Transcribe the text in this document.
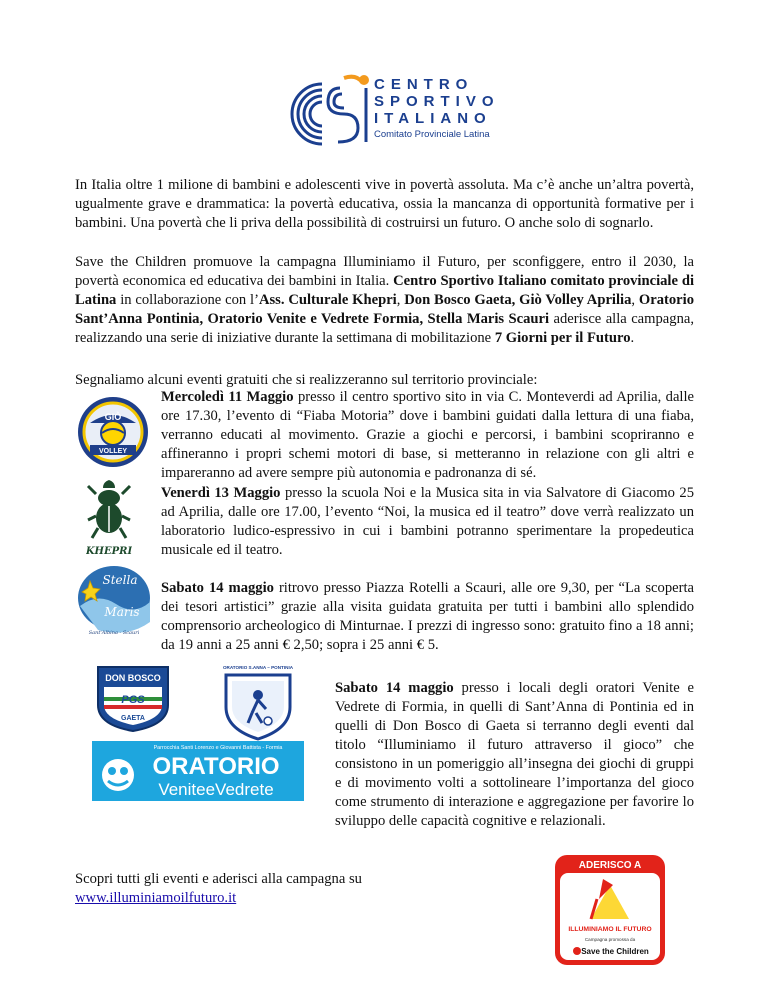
CENTRO
SPORTIVO
ITALIANO
Comitato Provinciale Latina

In Italia oltre 1 milione di bambini e adolescenti vive in povertà assoluta. Ma c’è anche un’altra povertà, ugualmente grave e drammatica: la povertà educativa, ossia la mancanza di opportunità formative per i bambini. Una povertà che li priva della possibilità di costruirsi un futuro. O anche solo di sognarlo.

Save the Children promuove la campagna Illuminiamo il Futuro, per sconfiggere, entro il 2030, la povertà economica ed educativa dei bambini in Italia. Centro Sportivo Italiano comitato provinciale di Latina in collaborazione con l’Ass. Culturale Khepri, Don Bosco Gaeta, Giò Volley Aprilia, Oratorio Sant’Anna Pontinia, Oratorio Venite e Vedrete Formia, Stella Maris Scauri aderisce alla campagna, realizzando una serie di iniziative durante la settimana di mobilitazione 7 Giorni per il Futuro.

Segnaliamo alcuni eventi gratuiti che si realizzeranno sul territorio provinciale:

GIÒ
VOLLEY

Mercoledì 11 Maggio presso il centro sportivo sito in via C. Monteverdi ad Aprilia, dalle ore 17.30, l’evento di “Fiaba Motoria” dove i bambini guidati dalla lettura di una fiaba, verranno educati al movimento. Grazie a giochi e percorsi, i bambini scopriranno e affineranno i propri schemi motori di base, si metteranno in relazione con gli altri e impareranno ad avere sempre più autonomia e padronanza di sé.

KHEPRI

Venerdì 13 Maggio presso la scuola Noi e la Musica sita in via Salvatore di Giacomo 25 ad Aprilia, dalle ore 17.00, l’evento “Noi, la musica ed il teatro” dove verrà realizzato un laboratorio ludico-espressivo in cui i bambini potranno sperimentare la propedeutica musicale ed il teatro.

Stella
Maris
Sant'Albina - Scauri

Sabato 14 maggio ritrovo presso Piazza Rotelli a Scauri, alle ore 9,30, per “La scoperta dei tesori artistici” grazie alla visita guidata gratuita per tutti i bambini allo splendido comprensorio archeologico di Minturnae. I prezzi di ingresso sono: gratuito fino a 18 anni; da 19 anni a 25 anni € 2,50; sopra i 25 anni € 5.

DON BOSCO
PGS
GAETA
ORATORIO S.ANNA – PONTINIA
Parrocchia Santi Lorenzo e Giovanni Battista - Formia
ORATORIO
VeniteeVedrete

Sabato 14 maggio presso i locali degli oratori Venite e Vedrete di Formia, in quelli di Sant’Anna di Pontinia ed in quelli di Don Bosco di Gaeta si terranno degli eventi dal titolo “Illuminiamo il futuro attraverso il gioco” che consistono in un pomeriggio all’insegna dei giochi di gruppi e di movimento volti a sottolineare l’importanza del gioco come strumento di interazione e aggregazione per favorire lo sviluppo delle capacità cognitive e relazionali.

Scopri tutti gli eventi e aderisci alla campagna su
www.illuminiamoilfuturo.it

ADERISCO A
ILLUMINIAMO IL FUTURO
Campagna promossa da
Save the Children
